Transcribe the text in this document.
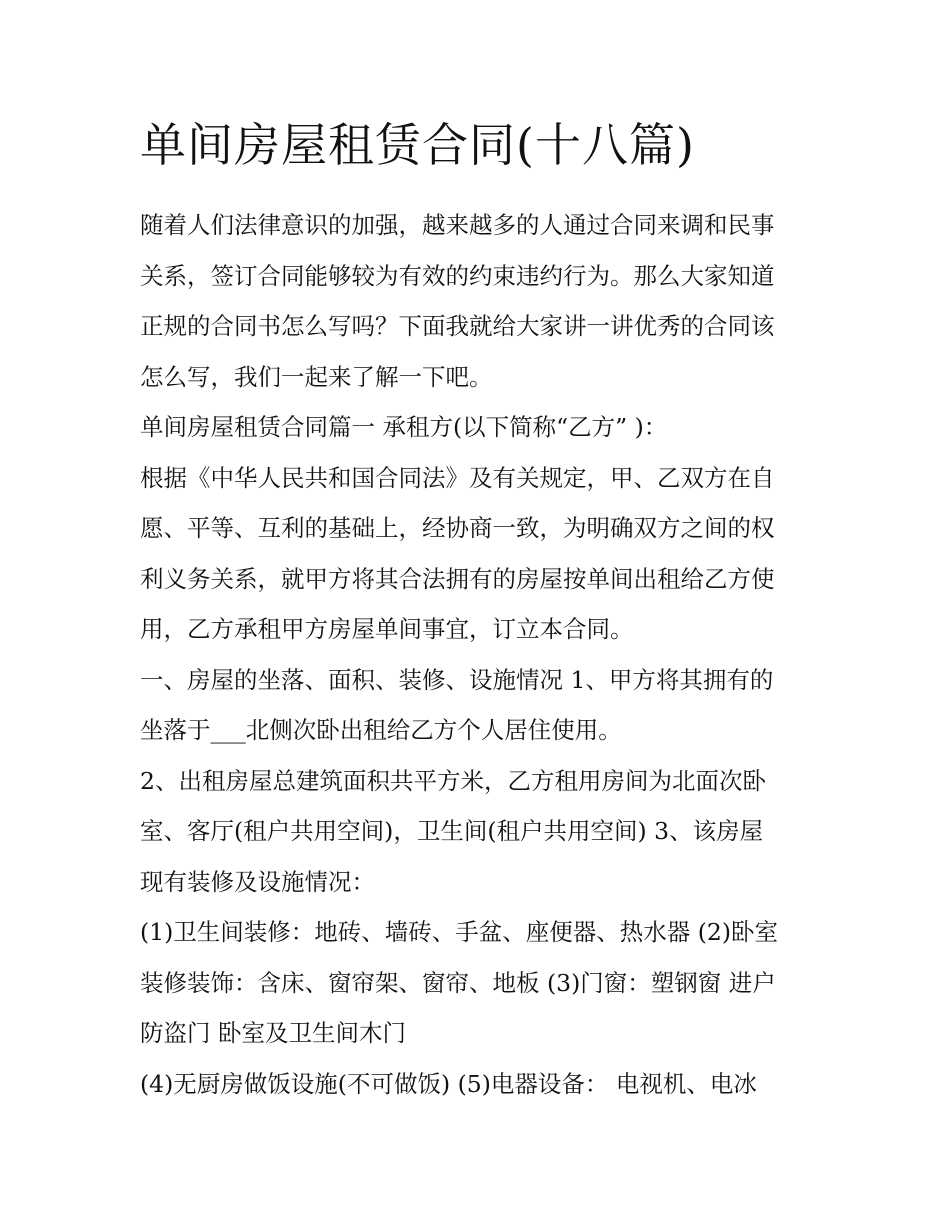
单间房屋租赁合同(十八篇)

随着人们法律意识的加强，越来越多的人通过合同来调和民事
关系，签订合同能够较为有效的约束违约行为。那么大家知道
正规的合同书怎么写吗？下面我就给大家讲一讲优秀的合同该
怎么写，我们一起来了解一下吧。

单间房屋租赁合同篇一 承租方(以下简称“乙方” )：

根据《中华人民共和国合同法》及有关规定，甲、乙双方在自
愿、平等、互利的基础上，经协商一致，为明确双方之间的权
利义务关系，就甲方将其合法拥有的房屋按单间出租给乙方使
用，乙方承租甲方房屋单间事宜，订立本合同。

一、房屋的坐落、面积、装修、设施情况 1、甲方将其拥有的
坐落于___北侧次卧出租给乙方个人居住使用。

2、出租房屋总建筑面积共平方米，乙方租用房间为北面次卧
室、客厅(租户共用空间)，卫生间(租户共用空间) 3、该房屋
现有装修及设施情况：

(1)卫生间装修：地砖、墙砖、手盆、座便器、热水器 (2)卧室
装修装饰：含床、窗帘架、窗帘、地板 (3)门窗：塑钢窗 进户
防盗门 卧室及卫生间木门

(4)无厨房做饭设施(不可做饭) (5)电器设备： 电视机、电冰
